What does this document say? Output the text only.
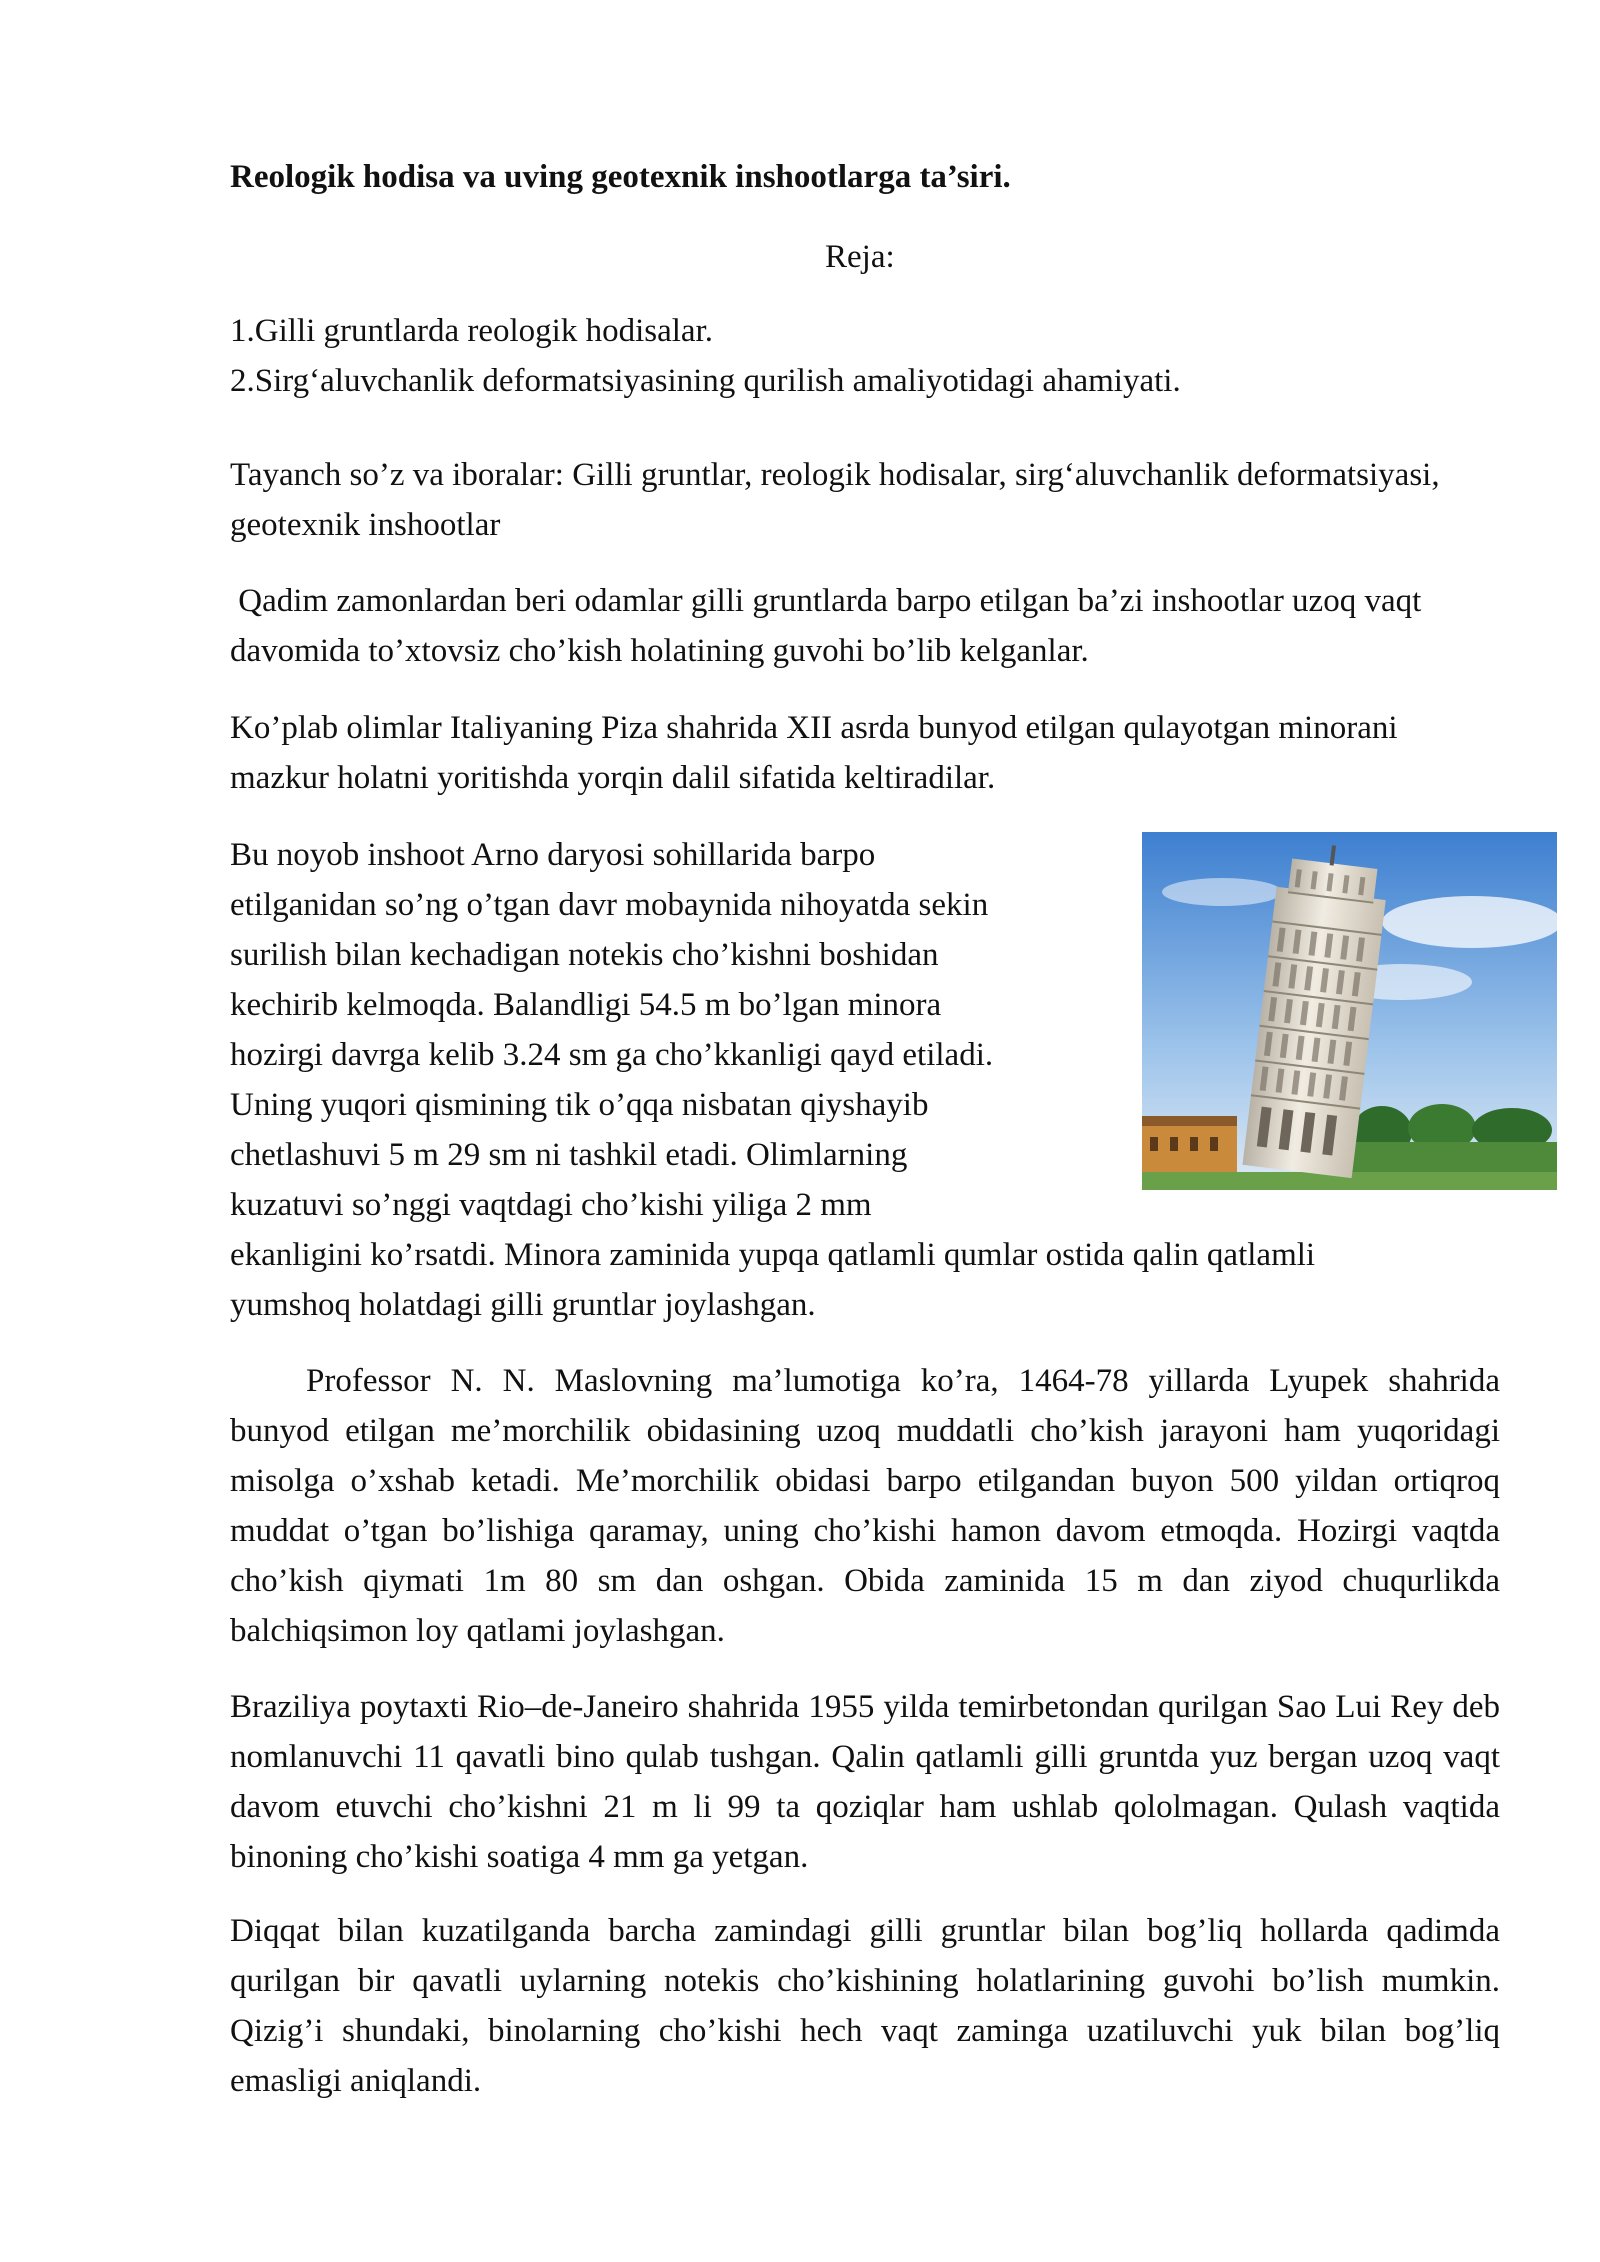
Reologik hodisa va uving geotexnik inshootlarga ta’siri.

Reja:

1.Gilli gruntlarda reologik hodisalar.

2.Sirg‘aluvchanlik deformatsiyasining qurilish amaliyotidagi ahamiyati.

Tayanch so’z va iboralar: Gilli gruntlar, reologik hodisalar, sirg‘aluvchanlik deformatsiyasi, geotexnik inshootlar

Qadim zamonlardan beri odamlar gilli gruntlarda barpo etilgan ba’zi inshootlar uzoq vaqt davomida to’xtovsiz cho’kish holatining guvohi bo’lib kelganlar.

Ko’plab olimlar Italiyaning Piza shahrida XII asrda bunyod etilgan qulayotgan minorani mazkur holatni yoritishda yorqin dalil sifatida keltiradilar.

Bu noyob inshoot Arno daryosi sohillarida barpo
etilganidan so’ng o’tgan davr mobaynida nihoyatda sekin
surilish bilan kechadigan notekis cho’kishni boshidan
kechirib kelmoqda. Balandligi 54.5 m bo’lgan minora
hozirgi davrga kelib 3.24 sm ga cho’kkanligi qayd etiladi.
Uning yuqori qismining tik o’qqa nisbatan qiyshayib
chetlashuvi 5 m 29 sm ni tashkil etadi. Olimlarning
kuzatuvi so’nggi vaqtdagi cho’kishi yiliga 2 mm
ekanligini ko’rsatdi. Minora zaminida yupqa qatlamli qumlar ostida qalin qatlamli
yumshoq holatdagi gilli gruntlar joylashgan.

Professor N. N. Maslovning ma’lumotiga ko’ra, 1464-78 yillarda Lyupek shahrida bunyod etilgan me’morchilik obidasining uzoq muddatli cho’kish jarayoni ham yuqoridagi misolga o’xshab ketadi. Me’morchilik obidasi barpo etilgandan buyon 500 yildan ortiqroq muddat o’tgan bo’lishiga qaramay, uning cho’kishi hamon davom etmoqda. Hozirgi vaqtda cho’kish qiymati 1m 80 sm dan oshgan. Obida zaminida 15 m dan ziyod chuqurlikda balchiqsimon loy qatlami joylashgan.

Braziliya poytaxti Rio–de-Janeiro shahrida 1955 yilda temirbetondan qurilgan Sao Lui Rey deb nomlanuvchi 11 qavatli bino qulab tushgan. Qalin qatlamli gilli gruntda yuz bergan uzoq vaqt davom etuvchi cho’kishni 21 m li 99 ta qoziqlar ham ushlab qololmagan. Qulash vaqtida binoning cho’kishi soatiga 4 mm ga yetgan.

Diqqat bilan kuzatilganda barcha zamindagi gilli gruntlar bilan bog’liq hollarda qadimda qurilgan bir qavatli uylarning notekis cho’kishining holatlarining guvohi bo’lish mumkin. Qizig’i shundaki, binolarning cho’kishi hech vaqt zaminga uzatiluvchi yuk bilan bog’liq emasligi aniqlandi.
